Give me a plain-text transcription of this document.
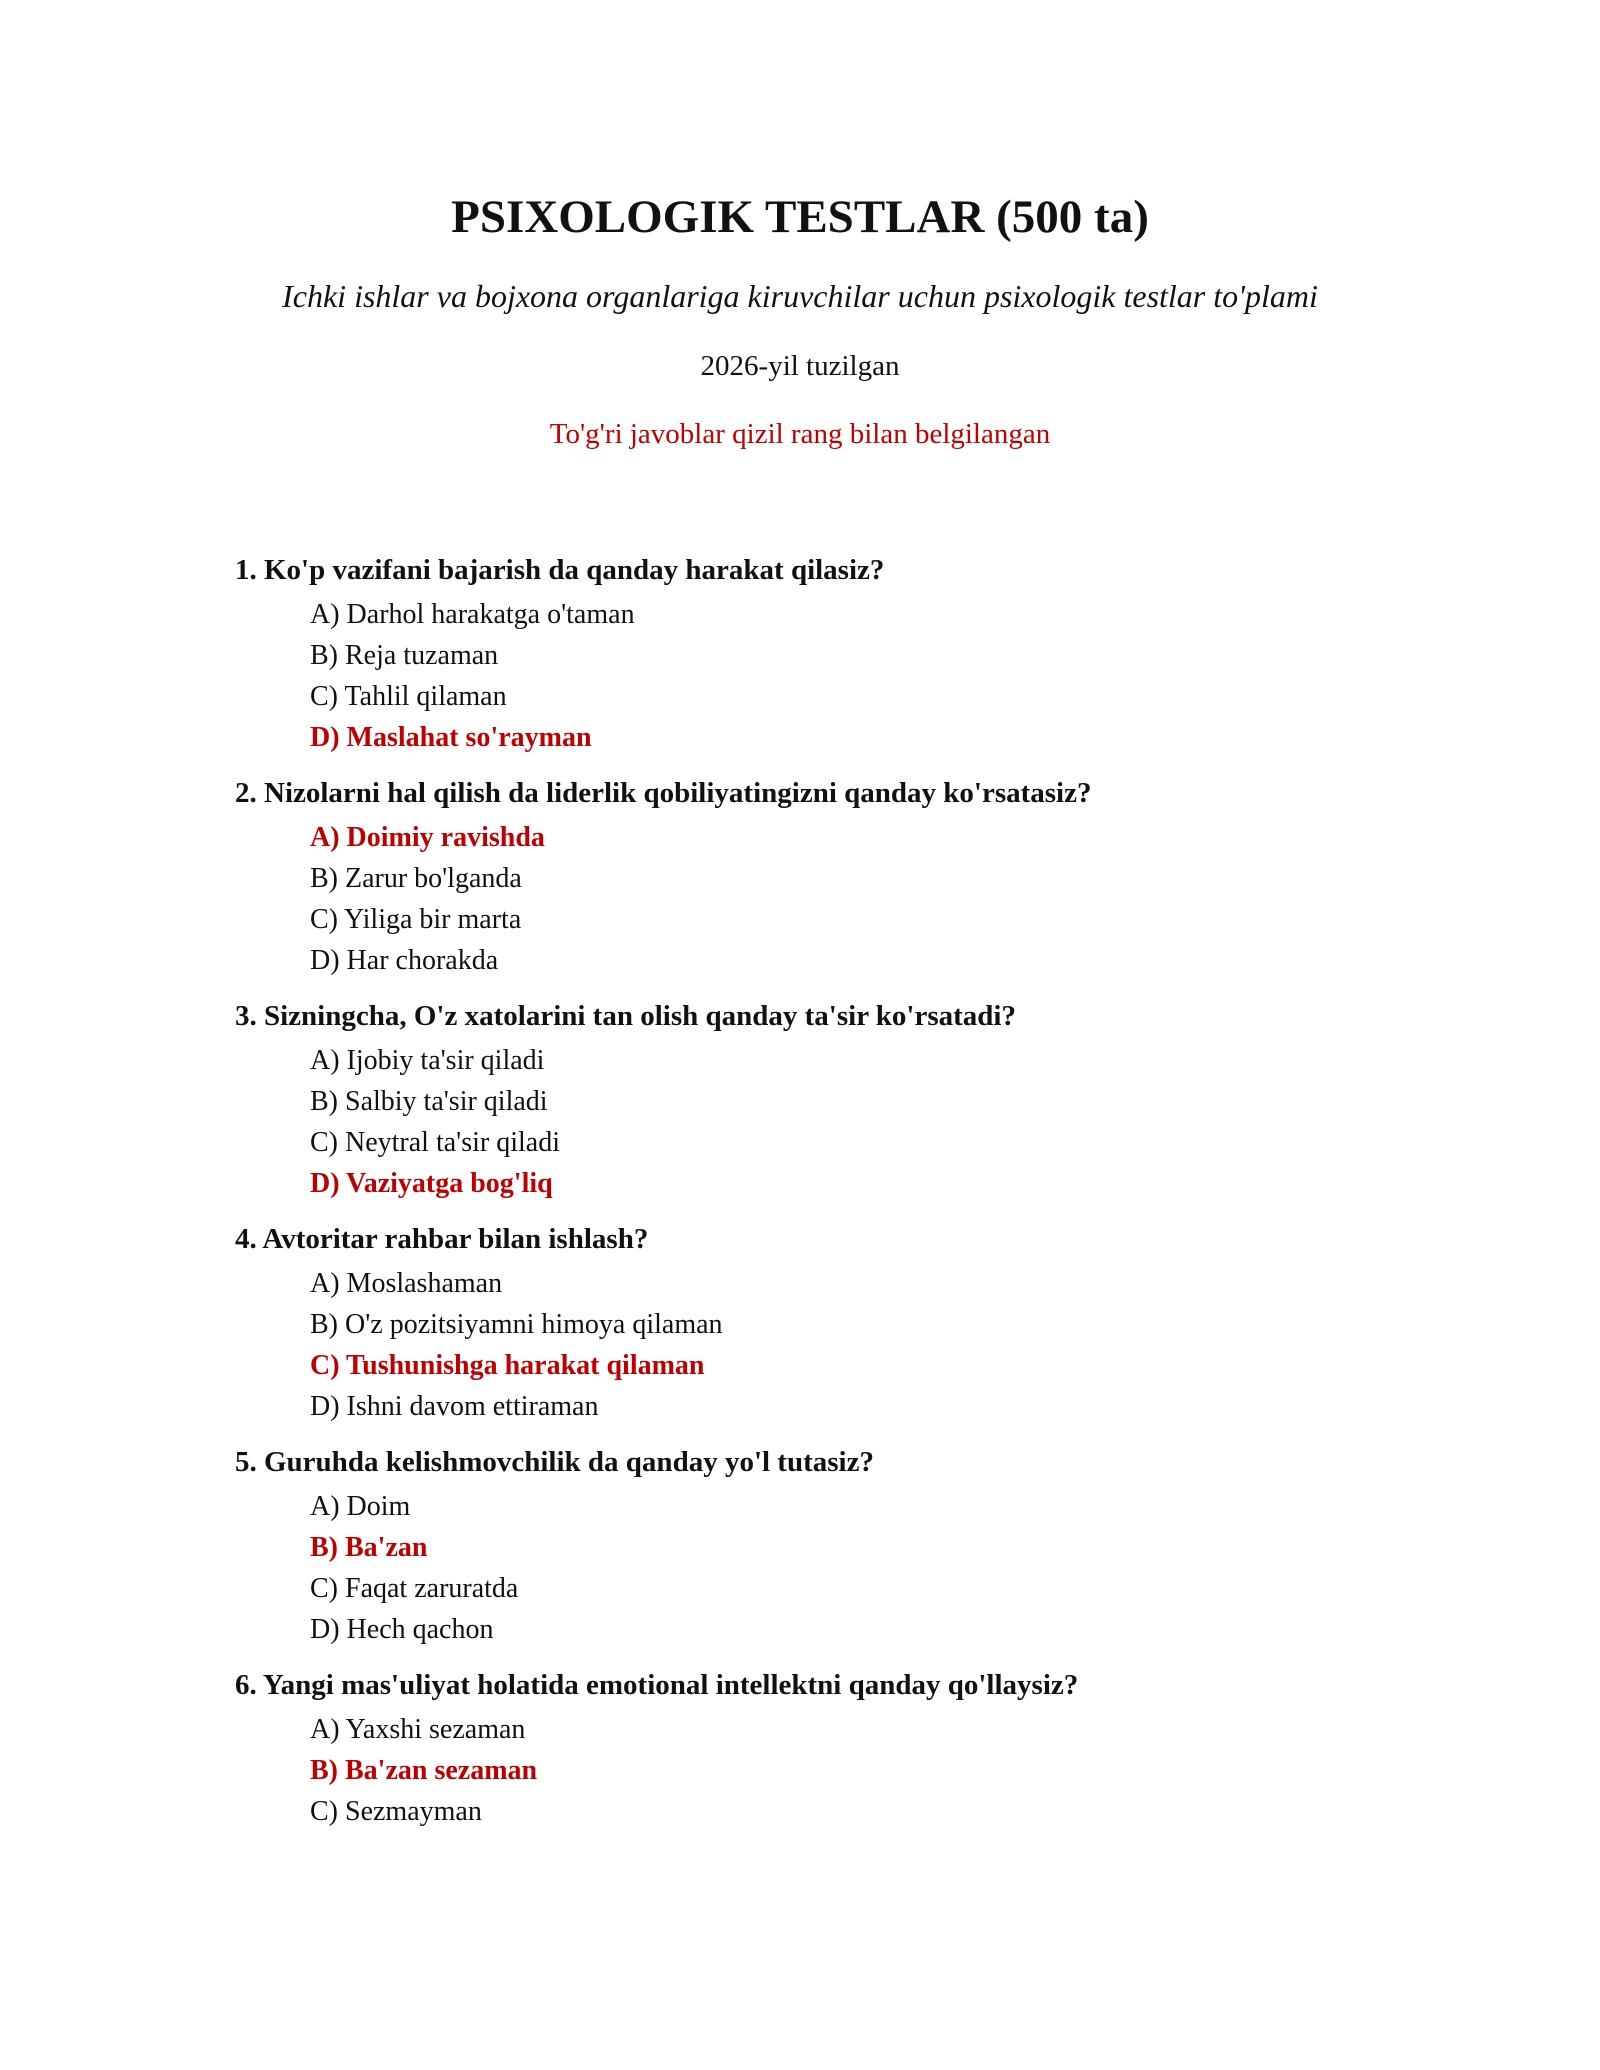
PSIXOLOGIK TESTLAR (500 ta)
Ichki ishlar va bojxona organlariga kiruvchilar uchun psixologik testlar to'plami
2026-yil tuzilgan
To'g'ri javoblar qizil rang bilan belgilangan
1. Ko'p vazifani bajarish da qanday harakat qilasiz?
A) Darhol harakatga o'taman
B) Reja tuzaman
C) Tahlil qilaman
D) Maslahat so'rayman
2. Nizolarni hal qilish da liderlik qobiliyatingizni qanday ko'rsatasiz?
A) Doimiy ravishda
B) Zarur bo'lganda
C) Yiliga bir marta
D) Har chorakda
3. Sizningcha, O'z xatolarini tan olish qanday ta'sir ko'rsatadi?
A) Ijobiy ta'sir qiladi
B) Salbiy ta'sir qiladi
C) Neytral ta'sir qiladi
D) Vaziyatga bog'liq
4. Avtoritar rahbar bilan ishlash?
A) Moslashaman
B) O'z pozitsiyamni himoya qilaman
C) Tushunishga harakat qilaman
D) Ishni davom ettiraman
5. Guruhda kelishmovchilik da qanday yo'l tutasiz?
A) Doim
B) Ba'zan
C) Faqat zaruratda
D) Hech qachon
6. Yangi mas'uliyat holatida emotional intellektni qanday qo'llaysiz?
A) Yaxshi sezaman
B) Ba'zan sezaman
C) Sezmayman
